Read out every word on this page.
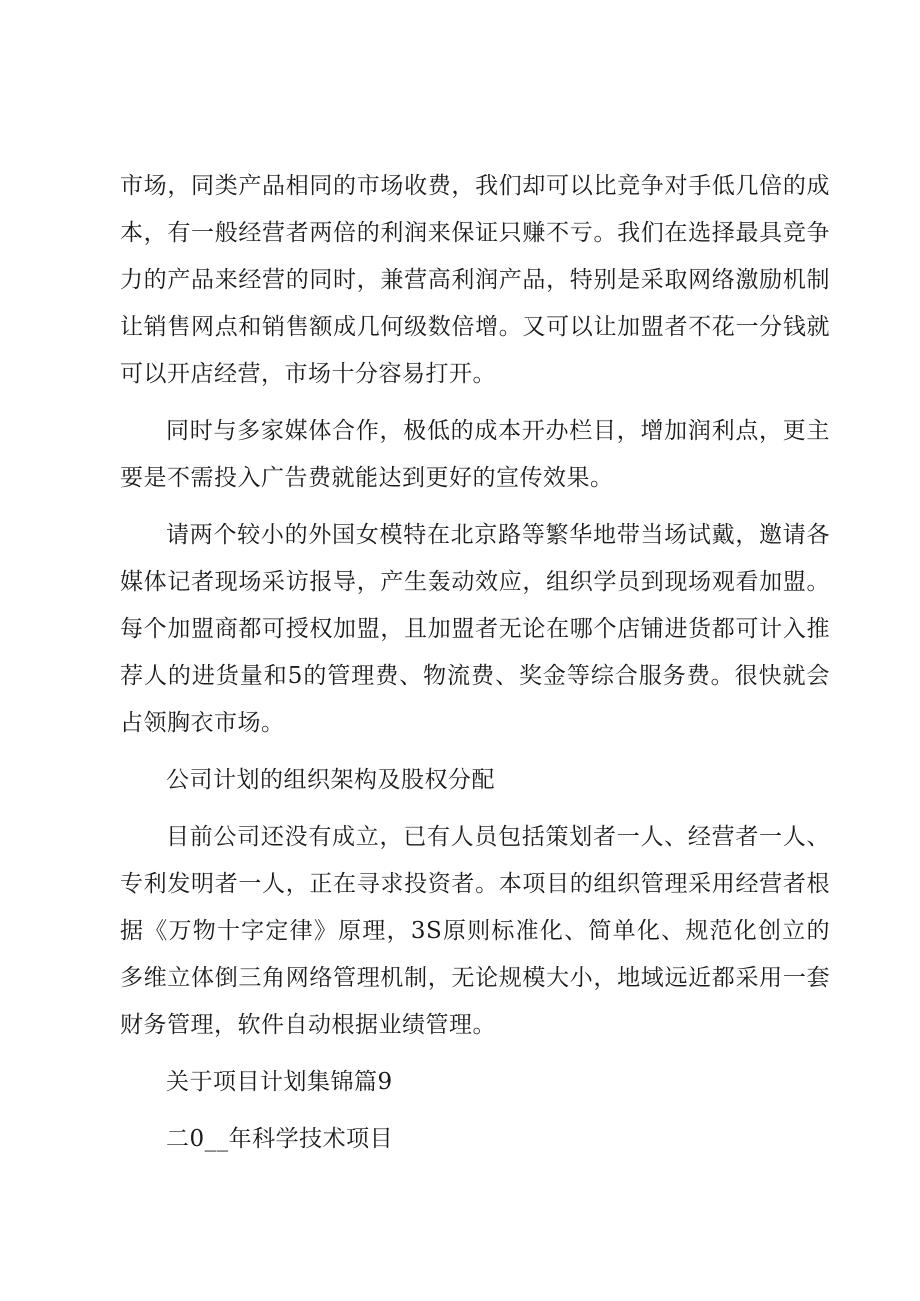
市场，同类产品相同的市场收费，我们却可以比竞争对手低几倍的成本，有一般经营者两倍的利润来保证只赚不亏。我们在选择最具竞争力的产品来经营的同时，兼营高利润产品，特别是采取网络激励机制让销售网点和销售额成几何级数倍增。又可以让加盟者不花一分钱就可以开店经营，市场十分容易打开。

同时与多家媒体合作，极低的成本开办栏目，增加润利点，更主要是不需投入广告费就能达到更好的宣传效果。

请两个较小的外国女模特在北京路等繁华地带当场试戴，邀请各媒体记者现场采访报导，产生轰动效应，组织学员到现场观看加盟。每个加盟商都可授权加盟，且加盟者无论在哪个店铺进货都可计入推荐人的进货量和5的管理费、物流费、奖金等综合服务费。很快就会占领胸衣市场。

公司计划的组织架构及股权分配

目前公司还没有成立，已有人员包括策划者一人、经营者一人、专利发明者一人，正在寻求投资者。本项目的组织管理采用经营者根据《万物十字定律》原理，3S原则标准化、简单化、规范化创立的多维立体倒三角网络管理机制，无论规模大小，地域远近都采用一套财务管理，软件自动根据业绩管理。

关于项目计划集锦篇9

二0__年科学技术项目
